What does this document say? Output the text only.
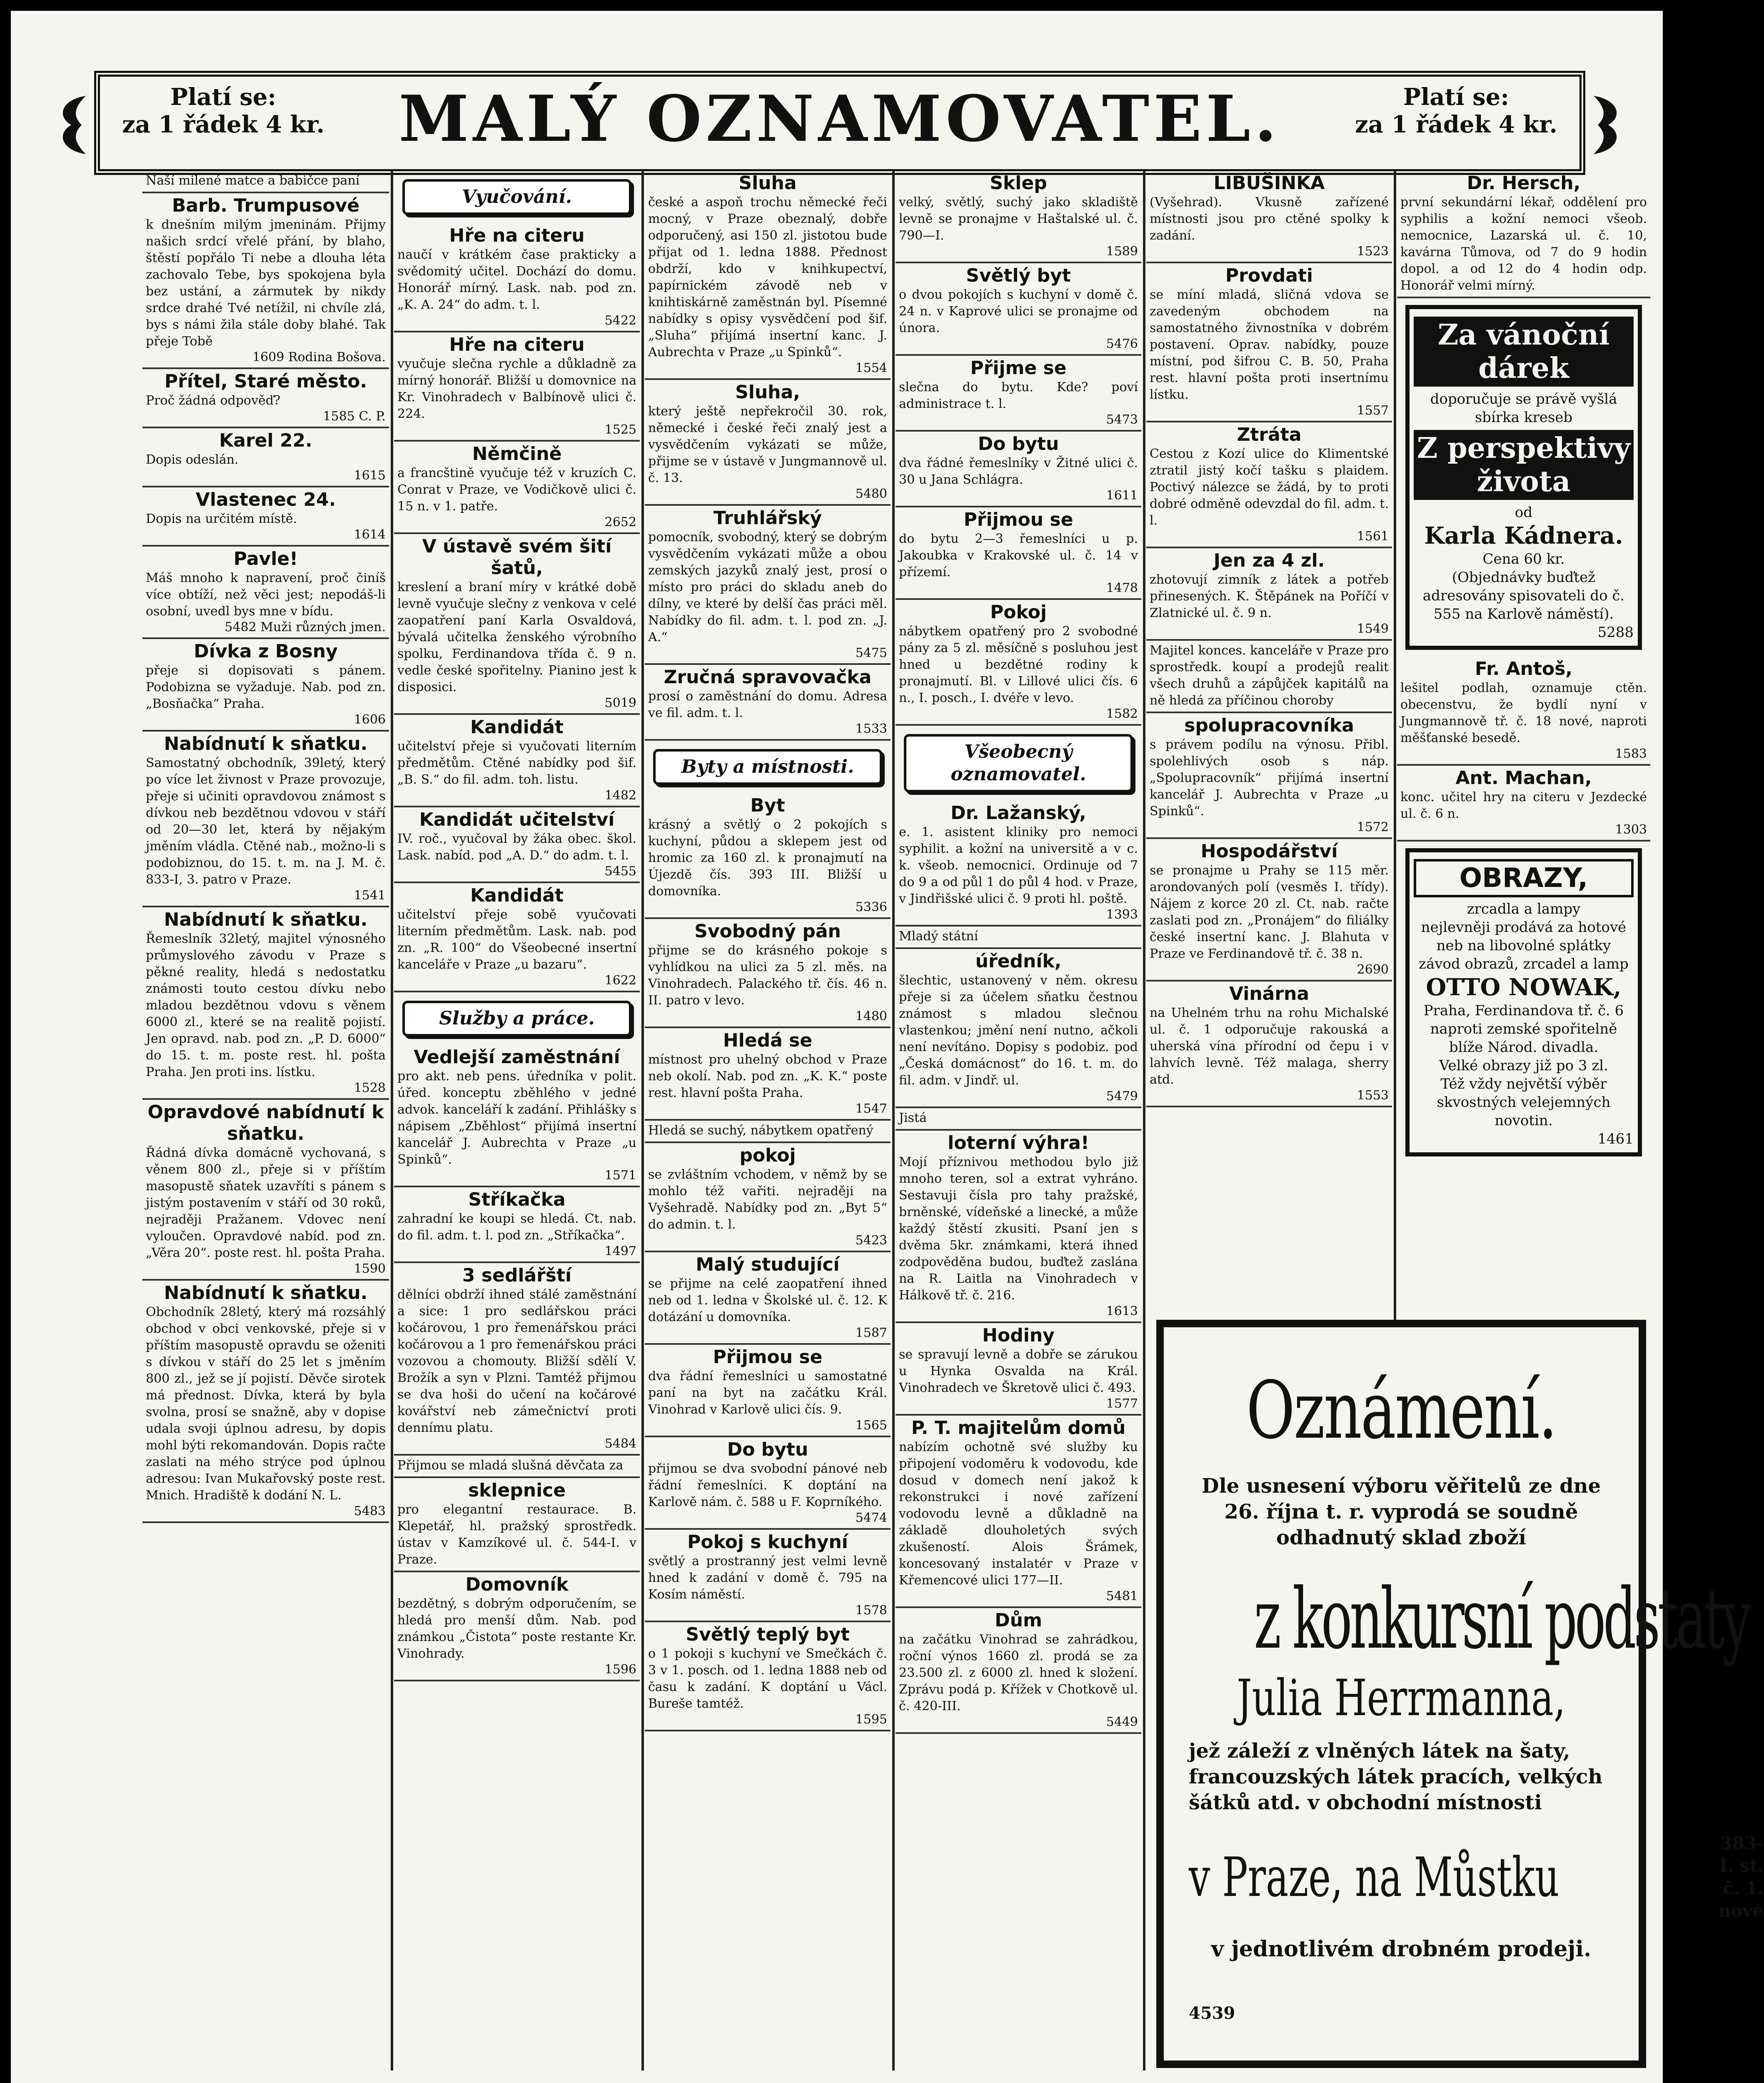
Platí se:
za 1 řádek 4 kr.	MALÝ OZNAMOVATEL.	Platí se:
za 1 řádek 4 kr.
Naší milené matce a babičce paní
Barb. Trumpusové
k dnešním milým jmeninám. Přijmy našich srdcí vřelé přání, by blaho, štěstí popřálo Ti nebe a dlouha léta zachovalo Tebe, bys spokojena byla bez ustání, a zármutek by nikdy srdce drahé Tvé netížil, ni chvíle zlá, bys s námi žila stále doby blahé. Tak přeje Tobě
1609 Rodina Bošova.
Přítel, Staré město.
Proč žádná odpověď?
1585 C. P.
Karel 22.
Dopis odeslán.
1615
Vlastenec 24.
Dopis na určitém místě.
1614
Pavle!
Máš mnoho k napravení, proč činíš více obtíží, než věci jest; nepodáš-li osobní, uvedl bys mne v bídu.
5482 Muži různých jmen.
Dívka z Bosny
přeje si dopisovati s pánem. Podobizna se vyžaduje. Nab. pod zn. „Bosňačka“ Praha.
1606
Nabídnutí k sňatku.
Samostatný obchodník, 39letý, který po více let živnost v Praze provozuje, přeje si učiniti opravdovou známost s dívkou neb bezdětnou vdovou v stáří od 20—30 let, která by nějakým jměním vládla. Ctěné nab., možno-li s podobiznou, do 15. t. m. na J. M. č. 833-I, 3. patro v Praze.
1541
Nabídnutí k sňatku.
Řemeslník 32letý, majitel výnosného průmyslového závodu v Praze s pěkné reality, hledá s nedostatku známosti touto cestou dívku nebo mladou bezdětnou vdovu s věnem 6000 zl., které se na realitě pojistí. Jen opravd. nab. pod zn. „P. D. 6000“ do 15. t. m. poste rest. hl. pošta Praha. Jen proti ins. lístku.
1528
Opravdové nabídnutí k sňatku.
Řádná dívka domácně vychovaná, s věnem 800 zl., přeje si v příštím masopustě sňatek uzavříti s pánem s jistým postavením v stáří od 30 roků, nejraději Pražanem. Vdovec není vyloučen. Opravdové nabíd. pod zn. „Věra 20“. poste rest. hl. pošta Praha.
1590
Nabídnutí k sňatku.
Obchodník 28letý, který má rozsáhlý obchod v obci venkovské, přeje si v příštím masopustě opravdu se oženiti s dívkou v stáří do 25 let s jměním 800 zl., jež se jí pojistí. Děvče sirotek má přednost. Dívka, která by byla svolna, prosí se snažně, aby v dopise udala svoji úplnou adresu, by dopis mohl býti rekomandován. Dopis račte zaslati na mého strýce pod úplnou adresou: Ivan Mukařovský poste rest. Mnich. Hradiště k dodání N. L.
5483
Vyučování.
Hře na citeru
naučí v krátkém čase prakticky a svědomitý učitel. Dochází do domu. Honorář mírný. Lask. nab. pod zn. „K. A. 24“ do adm. t. l.
5422
Hře na citeru
vyučuje slečna rychle a důkladně za mírný honorář. Bližší u domovnice na Kr. Vinohradech v Balbínově ulici č. 224.
1525
Němčině
a francštině vyučuje též v kruzích C. Conrat v Praze, ve Vodičkově ulici č. 15 n. v 1. patře.
2652
V ústavě svém šití šatů,
kreslení a braní míry v krátké době levně vyučuje slečny z venkova v celé zaopatření paní Karla Osvaldová, bývalá učitelka ženského výrobního spolku, Ferdinandova třída č. 9 n. vedle české spořitelny. Pianino jest k disposici.
5019
Kandidát
učitelství přeje si vyučovati literním předmětům. Ctěné nabídky pod šif. „B. S.“ do fil. adm. toh. listu.
1482
Kandidát učitelství
IV. roč., vyučoval by žáka obec. škol. Lask. nabíd. pod „A. D.“ do adm. t. l.
5455
Kandidát
učitelství přeje sobě vyučovati literním předmětům. Lask. nab. pod zn. „R. 100“ do Všeobecné insertní kanceláře v Praze „u bazaru“.
1622
Služby a práce.
Vedlejší zaměstnání
pro akt. neb pens. úředníka v polit. úřed. konceptu zběhlého v jedné advok. kanceláří k zadání. Přihlášky s nápisem „Zběhlost“ přijímá insertní kancelář J. Aubrechta v Praze „u Spinků“.
1571
Stříkačka
zahradní ke koupi se hledá. Ct. nab. do fil. adm. t. l. pod zn. „Stříkačka“.
1497
3 sedlářští
dělníci obdrží ihned stálé zaměstnání a sice: 1 pro sedlářskou práci kočárovou, 1 pro řemenářskou práci kočárovou a 1 pro řemenářskou práci vozovou a chomouty. Bližší sdělí V. Brožík a syn v Plzni. Tamtéž přijmou se dva hoši do učení na kočárové kovářství neb zámečnictví proti dennímu platu.
5484
Přijmou se mladá slušná děvčata za
sklepnice
pro elegantní restaurace. B. Klepetář, hl. pražský sprostředk. ústav v Kamzíkové ul. č. 544-I. v Praze.
Domovník
bezdětný, s dobrým odporučením, se hledá pro menší dům. Nab. pod známkou „Čistota“ poste restante Kr. Vinohrady.
1596
Sluha
české a aspoň trochu německé řeči mocný, v Praze obeznalý, dobře odporučený, asi 150 zl. jistotou bude přijat od 1. ledna 1888. Přednost obdrží, kdo v knihkupectví, papírnickém závodě neb v knihtiskárně zaměstnán byl. Písemné nabídky s opisy vysvědčení pod šif. „Sluha“ přijímá insertní kanc. J. Aubrechta v Praze „u Spinků“.
1554
Sluha,
který ještě nepřekročil 30. rok, německé i české řeči znalý jest a vysvědčením vykázati se může, přijme se v ústavě v Jungmannově ul. č. 13.
5480
Truhlářský
pomocník, svobodný, který se dobrým vysvědčením vykázati může a obou zemských jazyků znalý jest, prosí o místo pro práci do skladu aneb do dílny, ve které by delší čas práci měl. Nabídky do fil. adm. t. l. pod zn. „J. A.“
5475
Zručná spravovačka
prosí o zaměstnání do domu. Adresa ve fil. adm. t. l.
1533
Byty a místnosti.
Byt
krásný a světlý o 2 pokojích s kuchyní, půdou a sklepem jest od hromic za 160 zl. k pronajmutí na Újezdě čís. 393 III. Bližší u domovníka.
5336
Svobodný pán
přijme se do krásného pokoje s vyhlídkou na ulici za 5 zl. měs. na Vinohradech. Palackého tř. čís. 46 n. II. patro v levo.
1480
Hledá se
místnost pro uhelný obchod v Praze neb okolí. Nab. pod zn. „K. K.“ poste rest. hlavní pošta Praha.
1547
Hledá se suchý, nábytkem opatřený
pokoj
se zvláštním vchodem, v němž by se mohlo též vařiti. nejraději na Vyšehradě. Nabídky pod zn. „Byt 5“ do admin. t. l.
5423
Malý studující
se přijme na celé zaopatření ihned neb od 1. ledna v Školské ul. č. 12. K dotázání u domovníka.
1587
Přijmou se
dva řádní řemeslníci u samostatné paní na byt na začátku Král. Vinohrad v Karlově ulici čís. 9.
1565
Do bytu
přijmou se dva svobodní pánové neb řádní řemeslníci. K doptání na Karlově nám. č. 588 u F. Koprníkého.
5474
Pokoj s kuchyní
světlý a prostranný jest velmi levně hned k zadání v domě č. 795 na Kosím náměstí.
1578
Světlý teplý byt
o 1 pokoji s kuchyní ve Smečkách č. 3 v 1. posch. od 1. ledna 1888 neb od času k zadání. K doptání u Václ. Bureše tamtéž.
1595
Sklep
velký, světlý, suchý jako skladiště levně se pronajme v Haštalské ul. č. 790—I.
1589
Světlý byt
o dvou pokojích s kuchyní v domě č. 24 n. v Kaprové ulici se pronajme od února.
5476
Přijme se
slečna do bytu. Kde? poví administrace t. l.
5473
Do bytu
dva řádné řemeslníky v Žitné ulici č. 30 u Jana Schlágra.
1611
Přijmou se
do bytu 2—3 řemeslníci u p. Jakoubka v Krakovské ul. č. 14 v přízemí.
1478
Pokoj
nábytkem opatřený pro 2 svobodné pány za 5 zl. měsíčně s posluhou jest hned u bezdětné rodiny k pronajmutí. Bl. v Lillové ulici čís. 6 n., I. posch., I. dvéře v levo.
1582
Všeobecný oznamovatel.
Dr. Lažanský,
e. 1. asistent kliniky pro nemoci syphilit. a kožní na universitě a v c. k. všeob. nemocnici. Ordinuje od 7 do 9 a od půl 1 do půl 4 hod. v Praze, v Jindřišské ulici č. 9 proti hl. poště.
1393
Mladý státní
úředník,
šlechtic, ustanovený v něm. okresu přeje si za účelem sňatku čestnou známost s mladou slečnou vlastenkou; jmění není nutno, ačkoli není nevítáno. Dopisy s podobiz. pod „Česká domácnost“ do 16. t. m. do fil. adm. v Jindř. ul.
5479
Jistá
loterní výhra!
Mojí příznivou methodou bylo již mnoho teren, sol a extrat vyhráno. Sestavuji čísla pro tahy pražské, brněnské, vídeňské a linecké, a může každý štěstí zkusiti. Psaní jen s dvěma 5kr. známkami, která ihned zodpověděna budou, buďtež zaslána na R. Laitla na Vinohradech v Hálkově tř. č. 216.
1613
Hodiny
se spravují levně a dobře se zárukou u Hynka Osvalda na Král. Vinohradech ve Škretově ulici č. 493.
1577
P. T. majitelům domů
nabízím ochotně své služby ku připojení vodoměru k vodovodu, kde dosud v domech není jakož k rekonstrukci i nové zařízení vodovodu levně a důkladně na základě dlouholetých svých zkušeností. Alois Šrámek, koncesovaný instalatér v Praze v Křemencové ulici 177—II.
5481
Dům
na začátku Vinohrad se zahrádkou, roční výnos 1660 zl. prodá se za 23.500 zl. z 6000 zl. hned k složení. Zprávu podá p. Křížek v Chotkově ul. č. 420-III.
5449
LIBUŠINKA
(Vyšehrad). Vkusně zařízené místnosti jsou pro ctěné spolky k zadání.
1523
Provdati
se míní mladá, sličná vdova se zavedeným obchodem na samostatného živnostníka v dobrém postavení. Oprav. nabídky, pouze místní, pod šifrou C. B. 50, Praha rest. hlavní pošta proti insertnímu lístku.
1557
Ztráta
Cestou z Kozí ulice do Klimentské ztratil jistý kočí tašku s plaidem. Poctivý nálezce se žádá, by to proti dobré odměně odevzdal do fil. adm. t. l.
1561
Jen za 4 zl.
zhotovují zimník z látek a potřeb přinesených. K. Štěpánek na Poříčí v Zlatnické ul. č. 9 n.
1549
Majitel konces. kanceláře v Praze pro sprostředk. koupí a prodejů realit všech druhů a zápůjček kapitálů na ně hledá za příčinou choroby
spolupracovníka
s právem podílu na výnosu. Přibl. spolehlivých osob s náp. „Spolupracovník“ přijímá insertní kancelář J. Aubrechta v Praze „u Spinků“.
1572
Hospodářství
se pronajme u Prahy se 115 měr. arondovaných polí (vesměs I. třídy). Nájem z korce 20 zl. Ct. nab. račte zaslati pod zn. „Pronájem“ do filiálky české insertní kanc. J. Blahuta v Praze ve Ferdinandově tř. č. 38 n.
2690
Vinárna
na Uhelném trhu na rohu Michalské ul. č. 1 odporučuje rakouská a uherská vína přírodní od čepu i v lahvích levně. Též malaga, sherry atd.
1553
Dr. Hersch,
první sekundární lékař, oddělení pro syphilis a kožní nemoci všeob. nemocnice, Lazarská ul. č. 10, kavárna Tůmova, od 7 do 9 hodin dopol. a od 12 do 4 hodin odp. Honorář velmi mírný.
Za vánoční dárek
doporučuje se právě vyšlá sbírka kreseb
Z perspektivy života
od
Karla Kádnera.
Cena 60 kr.
(Objednávky buďtež adresovány spisovateli do č. 555 na Karlově náměstí).
5288
Fr. Antoš,
lešitel podlah, oznamuje ctěn. obecenstvu, že bydlí nyní v Jungmannově tř. č. 18 nové, naproti měšťanské besedě.
1583
Ant. Machan,
konc. učitel hry na citeru v Jezdecké ul. č. 6 n.
1303
OBRAZY,
zrcadla a lampy
nejlevněji prodává za hotové neb na libovolné splátky závod obrazů, zrcadel a lamp
OTTO NOWAK,
Praha, Ferdinandova tř. č. 6 naproti zemské spořitelně blíže Národ. divadla.
Velké obrazy již po 3 zl.
Též vždy největší výběr skvostných velejemných novotin.
1461
Oznámení.
Dle usnesení výboru věřitelů ze dne 26. října t. r. vyprodá se soudně odhadnutý sklad zboží
z konkursní podstaty
Julia Herrmanna,
jež záleží z vlněných látek na šaty, francouzských látek pracích, velkých šátků atd. v obchodní místnosti
v Praze, na Můstku
383-I. st. č. 1. nové
v jednotlivém drobném prodeji.
4539
